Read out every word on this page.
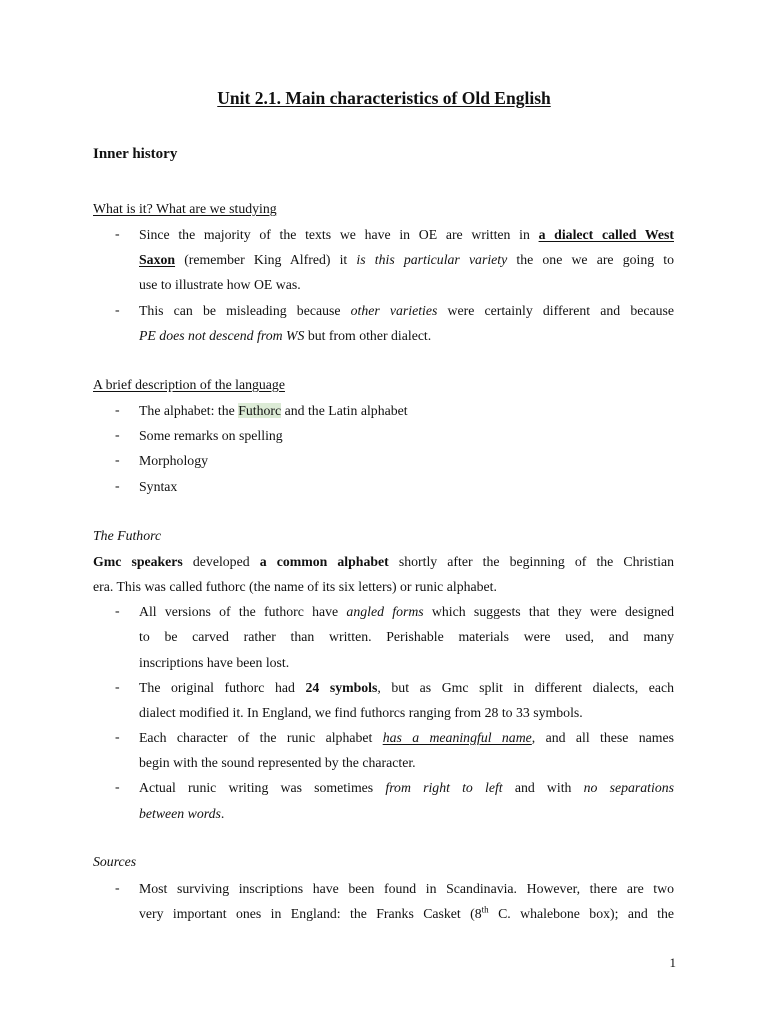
Unit 2.1. Main characteristics of Old English
Inner history
What is it? What are we studying
- Since the majority of the texts we have in OE are written in a dialect called West
Saxon (remember King Alfred) it is this particular variety the one we are going to
use to illustrate how OE was.
- This can be misleading because other varieties were certainly different and because
PE does not descend from WS but from other dialect.
A brief description of the language
- The alphabet: the Futhorc and the Latin alphabet
- Some remarks on spelling
- Morphology
- Syntax
The Futhorc
Gmc speakers developed a common alphabet shortly after the beginning of the Christian
era. This was called futhorc (the name of its six letters) or runic alphabet.
- All versions of the futhorc have angled forms which suggests that they were designed
to be carved rather than written. Perishable materials were used, and many
inscriptions have been lost.
- The original futhorc had 24 symbols, but as Gmc split in different dialects, each
dialect modified it. In England, we find futhorcs ranging from 28 to 33 symbols.
- Each character of the runic alphabet has a meaningful name, and all these names
begin with the sound represented by the character.
- Actual runic writing was sometimes from right to left and with no separations
between words.
Sources
- Most surviving inscriptions have been found in Scandinavia. However, there are two
very important ones in England: the Franks Casket (8th C. whalebone box); and the
1
